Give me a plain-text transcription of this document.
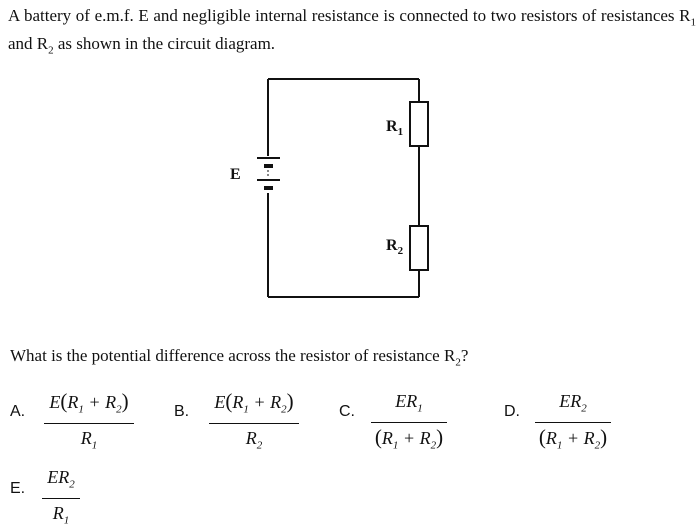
A battery of e.m.f. E and negligible internal resistance is connected to two resistors of resistances $R_1$ and $R_2$ as shown in the circuit diagram.
E
$R_1$
$R_2$
What is the potential difference across the resistor of resistance $R_2$?
A.	$E(R_1 + R_2)$
$R_1$
B.	$E(R_1 + R_2)$
$R_2$
C.
$ER_1$
$(R_1 + R_2)$
D.
$ER_2$
$(R_1 + R_2)$
E.
$ER_2$
$R_1$
